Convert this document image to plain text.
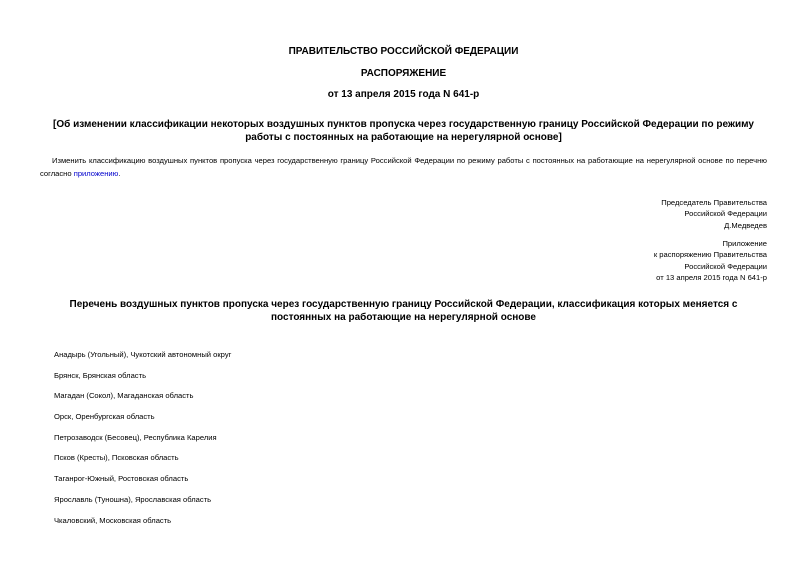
ПРАВИТЕЛЬСТВО РОССИЙСКОЙ ФЕДЕРАЦИИ
РАСПОРЯЖЕНИЕ
от 13 апреля 2015 года N 641-р
[Об изменении классификации некоторых воздушных пунктов пропуска через государственную границу Российской Федерации по режиму работы с постоянных на работающие на нерегулярной основе]
Изменить классификацию воздушных пунктов пропуска через государственную границу Российской Федерации по режиму работы с постоянных на работающие на нерегулярной основе по перечню согласно приложению.
Председатель Правительства
Российской Федерации
Д.Медведев
Приложение
к распоряжению Правительства
Российской Федерации
от 13 апреля 2015 года N 641-р
Перечень воздушных пунктов пропуска через государственную границу Российской Федерации, классификация которых меняется с постоянных на работающие на нерегулярной основе
Анадырь (Угольный), Чукотский автономный округ
Брянск, Брянская область
Магадан (Сокол), Магаданская область
Орск, Оренбургская область
Петрозаводск (Бесовец), Республика Карелия
Псков (Кресты), Псковская область
Таганрог-Южный, Ростовская область
Ярославль (Туношна), Ярославская область
Чкаловский, Московская область
